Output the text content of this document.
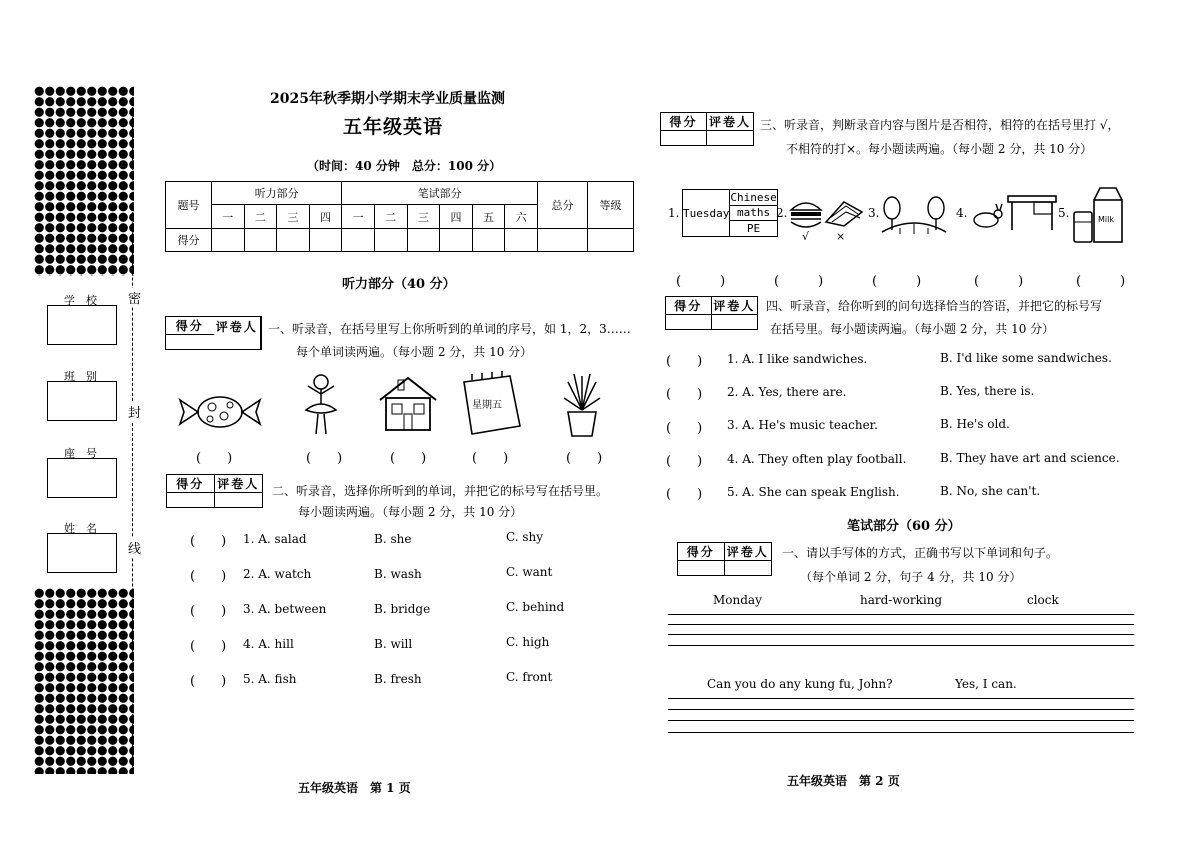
密
封
线
学　校
班　别
座　号
姓　名
2025年秋季期小学期末学业质量监测
五年级英语
（时间：40 分钟　总分：100 分）
题号	听力部分				笔试部分						总分	等级
	一	二	三	四	一	二	三	四	五	六		
得分												
听力部分（40 分）
得分 评卷人 一、听录音，在括号里写上你所听到的单词的序号，如 1，2，3……
每个单词读两遍。（每小题 2 分，共 10 分）
星期五
(　　)	(　　)	(　　)	(　　)	(　　)
得分	评卷人 二、听录音，选择你所听到的单词，并把它的标号写在括号里。
每小题读两遍。（每小题 2 分，共 10 分）
(　　) 1. A. salad	B. she	C. shy
(　　) 2. A. watch	B. wash	C. want
(　　) 3. A. between	B. bridge	C. behind
(　　) 4. A. hill	B. will	C. high
(　　) 5. A. fish	B. fresh	C. front
五年级英语　第 1 页
得分 评卷人 三、听录音，判断录音内容与图片是否相符，相符的在括号里打 √，
不相符的打×。每小题读两遍。（每小题 2 分，共 10 分）
1. Tuesday	Chinese
maths
PE
2.
√ ×
3.	4.	5.	Milk
(　　　)	(　　　)	(　　　)	(　　　)	(　　　)
得分 评卷人 四、听录音，给你听到的问句选择恰当的答语，并把它的标号写
在括号里。每小题读两遍。（每小题 2 分，共 10 分）
(　　) 1. A. I like sandwiches.	B. I'd like some sandwiches.
(　　) 2. A. Yes, there are.	B. Yes, there is.
(　　) 3. A. He's music teacher.	B. He's old.
(　　) 4. A. They often play football.	B. They have art and science.
(　　) 5. A. She can speak English.	B. No, she can't.
笔试部分（60 分）
得分 评卷人 一、请以手写体的方式，正确书写以下单词和句子。
（每个单词 2 分，句子 4 分，共 10 分）
Monday	hard-working	clock
Can you do any kung fu, John?	Yes, I can.
五年级英语　第 2 页
